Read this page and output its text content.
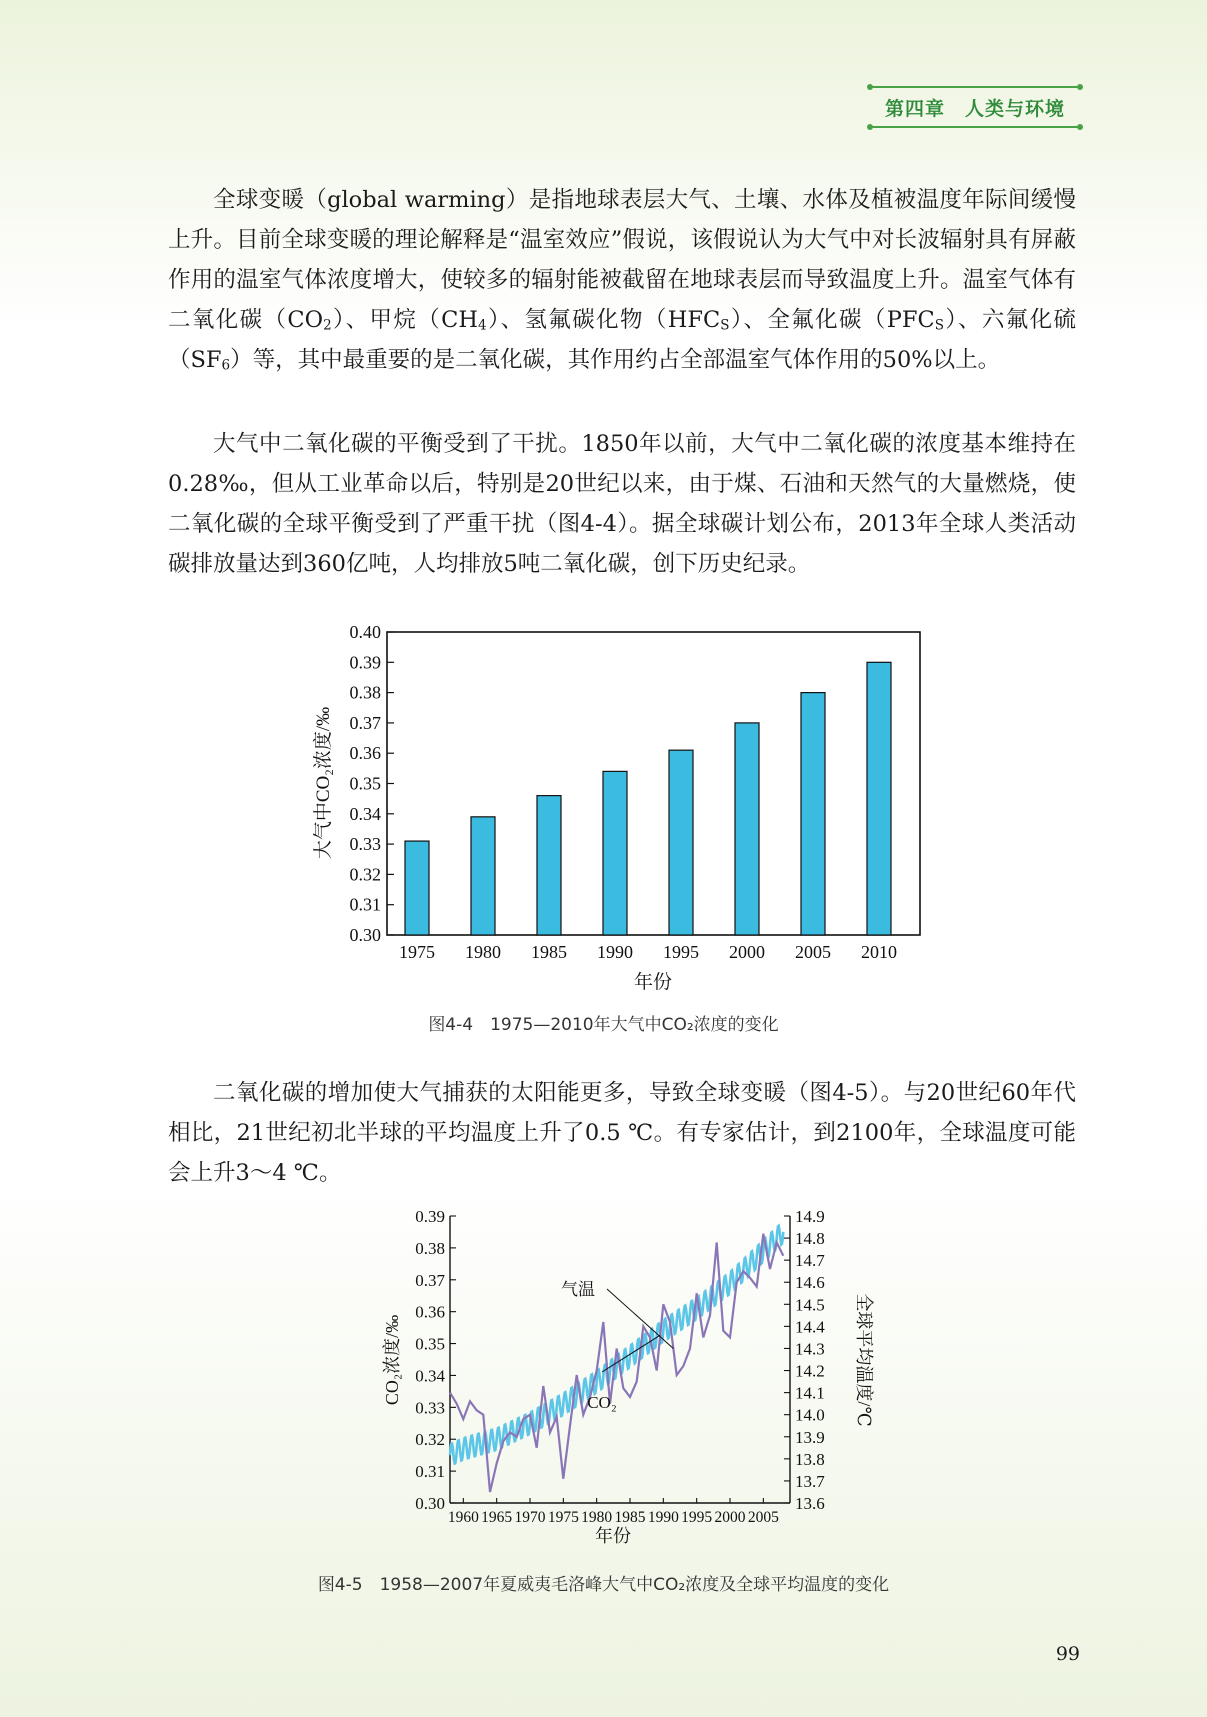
第四章　人类与环境

全球变暖（global warming）是指地球表层大气、土壤、水体及植被温度年际间缓慢上升。目前全球变暖的理论解释是“温室效应”假说，该假说认为大气中对长波辐射具有屏蔽作用的温室气体浓度增大，使较多的辐射能被截留在地球表层而导致温度上升。温室气体有二氧化碳$(CO_2)$、甲烷$(CH_4)$、氢氟碳化物$(HFC_S)$、全氟化碳$(PFC_S)$、六氟化硫$(SF_6)$等，其中最重要的是二氧化碳，其作用约占全部温室气体作用的50%以上。

大气中二氧化碳的平衡受到了干扰。1850年以前，大气中二氧化碳的浓度基本维持在0.28‰，但从工业革命以后，特别是20世纪以来，由于煤、石油和天然气的大量燃烧，使二氧化碳的全球平衡受到了严重干扰（图4-4）。据全球碳计划公布，2013年全球人类活动碳排放量达到360亿吨，人均排放5吨二氧化碳，创下历史纪录。

0.30
0.31
0.32
0.33
0.34
0.35
0.36
0.37
0.38
0.39
0.40
1975 1980 1985 1990 1995 2000 2005 2010
年份
大气中CO₂浓度/‰
图4-4　1975—2010年大气中CO₂浓度的变化

二氧化碳的增加使大气捕获的太阳能更多，导致全球变暖（图4-5）。与20世纪60年代相比，21世纪初北半球的平均温度上升了0.5 ℃。有专家估计，到2100年，全球温度可能会上升3～4 ℃。

0.30
0.31
0.32
0.33
0.34
0.35
0.36
0.37
0.38
0.39
13.6
13.7
13.8
13.9
14.0
14.1
14.2
14.3
14.4
14.5
14.6
14.7
14.8
14.9
1960 1965 1970 1975 1980 1985 1990 1995 2000 2005
气温
CO₂
年份
CO₂浓度/‰	全球平均温度/℃
图4-5　1958—2007年夏威夷毛洛峰大气中CO₂浓度及全球平均温度的变化
99
